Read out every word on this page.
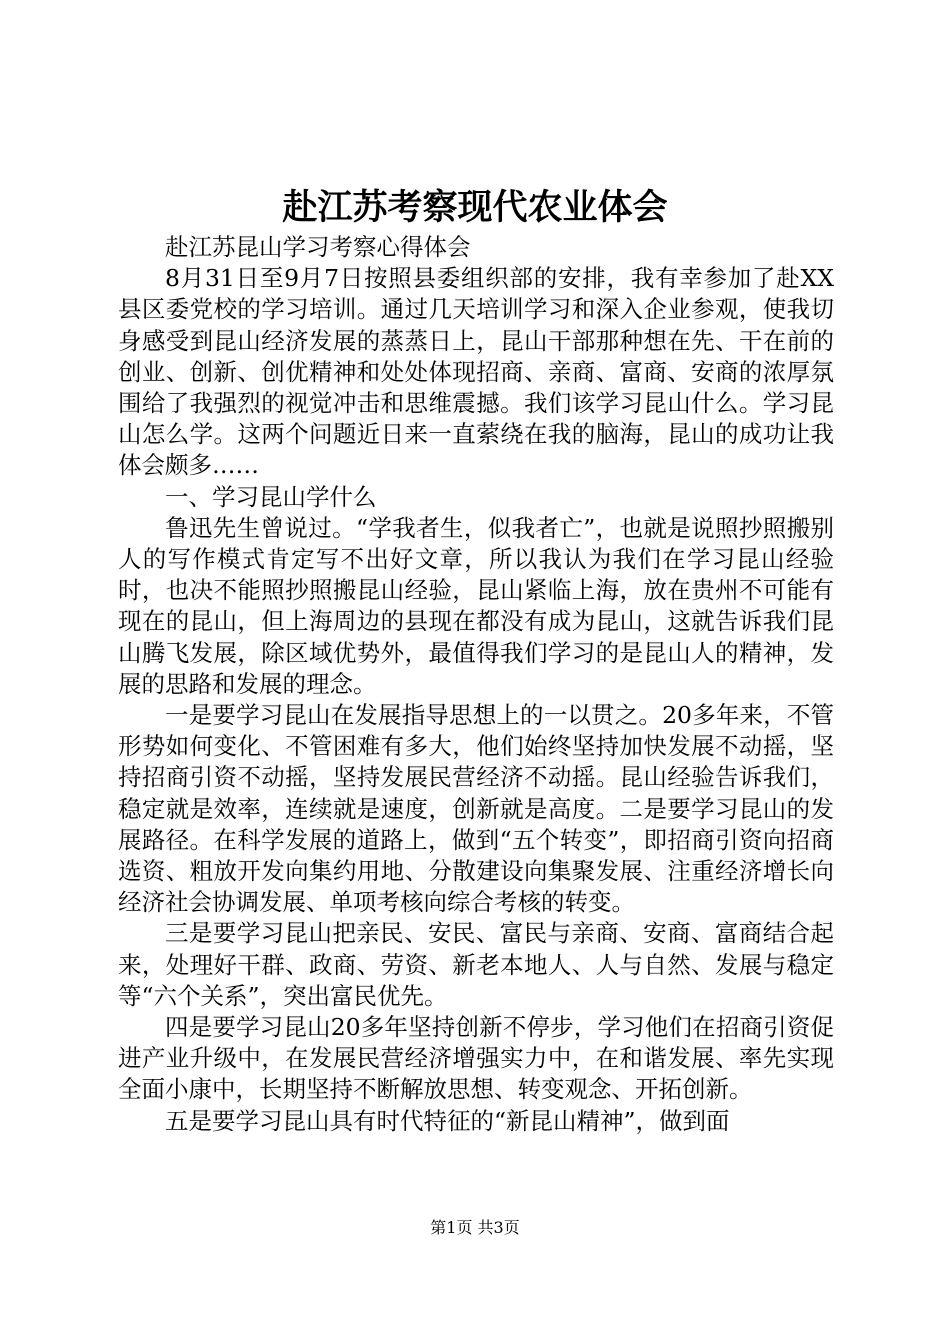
赴江苏考察现代农业体会

赴江苏昆山学习考察心得体会

8月31日至9月7日按照县委组织部的安排，我有幸参加了赴XX县区委党校的学习培训。通过几天培训学习和深入企业参观，使我切身感受到昆山经济发展的蒸蒸日上，昆山干部那种想在先、干在前的创业、创新、创优精神和处处体现招商、亲商、富商、安商的浓厚氛围给了我强烈的视觉冲击和思维震撼。我们该学习昆山什么。学习昆山怎么学。这两个问题近日来一直萦绕在我的脑海，昆山的成功让我体会颇多……

一、学习昆山学什么

鲁迅先生曾说过。“学我者生，似我者亡”，也就是说照抄照搬别人的写作模式肯定写不出好文章，所以我认为我们在学习昆山经验时，也决不能照抄照搬昆山经验，昆山紧临上海，放在贵州不可能有现在的昆山，但上海周边的县现在都没有成为昆山，这就告诉我们昆山腾飞发展，除区域优势外，最值得我们学习的是昆山人的精神，发展的思路和发展的理念。

一是要学习昆山在发展指导思想上的一以贯之。20多年来，不管形势如何变化、不管困难有多大，他们始终坚持加快发展不动摇，坚持招商引资不动摇，坚持发展民营经济不动摇。昆山经验告诉我们，稳定就是效率，连续就是速度，创新就是高度。二是要学习昆山的发展路径。在科学发展的道路上，做到“五个转变”，即招商引资向招商选资、粗放开发向集约用地、分散建设向集聚发展、注重经济增长向经济社会协调发展、单项考核向综合考核的转变。

三是要学习昆山把亲民、安民、富民与亲商、安商、富商结合起来，处理好干群、政商、劳资、新老本地人、人与自然、发展与稳定等“六个关系”，突出富民优先。

四是要学习昆山20多年坚持创新不停步，学习他们在招商引资促进产业升级中，在发展民营经济增强实力中，在和谐发展、率先实现全面小康中，长期坚持不断解放思想、转变观念、开拓创新。

五是要学习昆山具有时代特征的“新昆山精神”，做到面

第1页 共3页
